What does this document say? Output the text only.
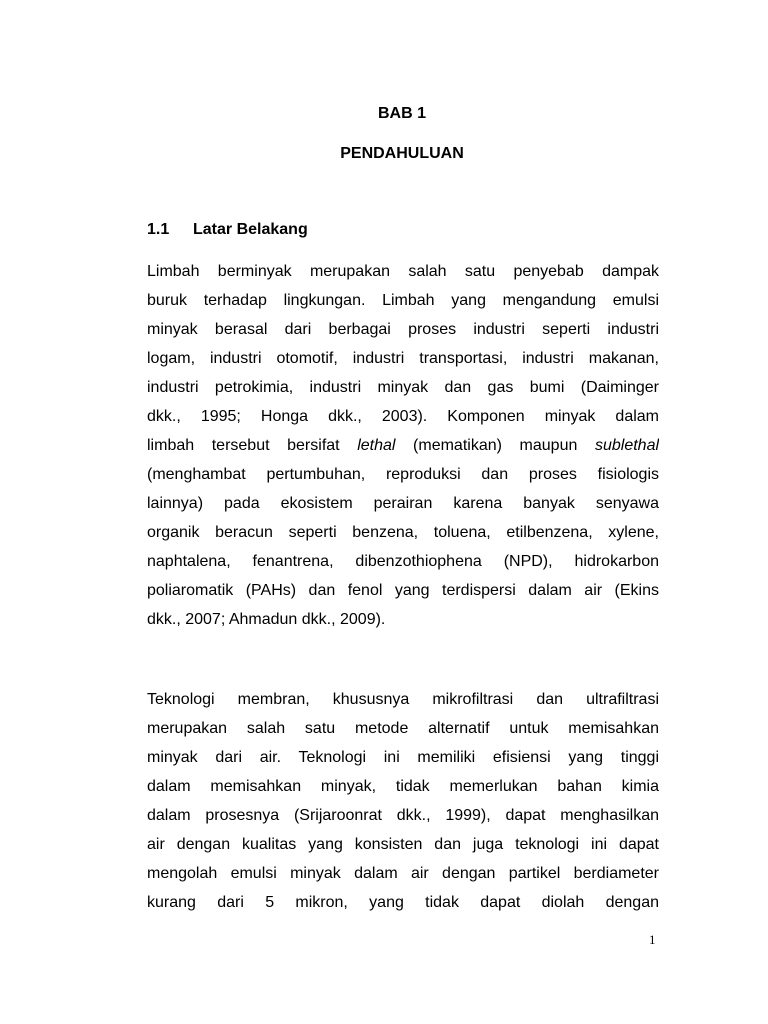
BAB 1
PENDAHULUAN
1.1 Latar Belakang
Limbah berminyak merupakan salah satu penyebab dampak
buruk terhadap lingkungan. Limbah yang mengandung emulsi
minyak berasal dari berbagai proses industri seperti industri
logam, industri otomotif, industri transportasi, industri makanan,
industri petrokimia, industri minyak dan gas bumi (Daiminger
dkk., 1995; Honga dkk., 2003). Komponen minyak dalam
limbah tersebut bersifat lethal (mematikan) maupun sublethal
(menghambat pertumbuhan, reproduksi dan proses fisiologis
lainnya) pada ekosistem perairan karena banyak senyawa
organik beracun seperti benzena, toluena, etilbenzena, xylene,
naphtalena, fenantrena, dibenzothiophena (NPD), hidrokarbon
poliaromatik (PAHs) dan fenol yang terdispersi dalam air (Ekins
dkk., 2007; Ahmadun dkk., 2009).
Teknologi membran, khususnya mikrofiltrasi dan ultrafiltrasi
merupakan salah satu metode alternatif untuk memisahkan
minyak dari air. Teknologi ini memiliki efisiensi yang tinggi
dalam memisahkan minyak, tidak memerlukan bahan kimia
dalam prosesnya (Srijaroonrat dkk., 1999), dapat menghasilkan
air dengan kualitas yang konsisten dan juga teknologi ini dapat
mengolah emulsi minyak dalam air dengan partikel berdiameter
kurang dari 5 mikron, yang tidak dapat diolah dengan
1
